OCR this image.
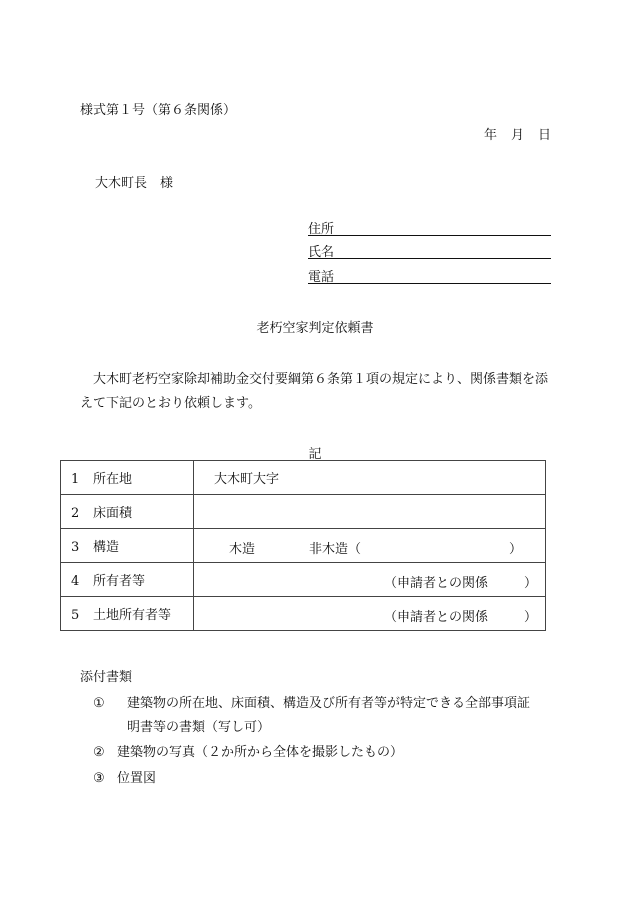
様式第１号（第６条関係）
年 月 日
大木町長　様
住所
氏名
電話
老朽空家判定依頼書
大木町老朽空家除却補助金交付要綱第６条第１項の規定により、関係書類を添えて下記のとおり依頼します。
記
1 所在地	大木町大字
2 床面積	
3 構造	木造 非木造（ ）

4 所有者等	（申請者との関係 ）

5 土地所有者等	（申請者との関係 ）
添付書類
① 建築物の所在地、床面積、構造及び所有者等が特定できる全部事項証
明書等の書類（写し可）
② 建築物の写真（２か所から全体を撮影したもの）
③ 位置図
